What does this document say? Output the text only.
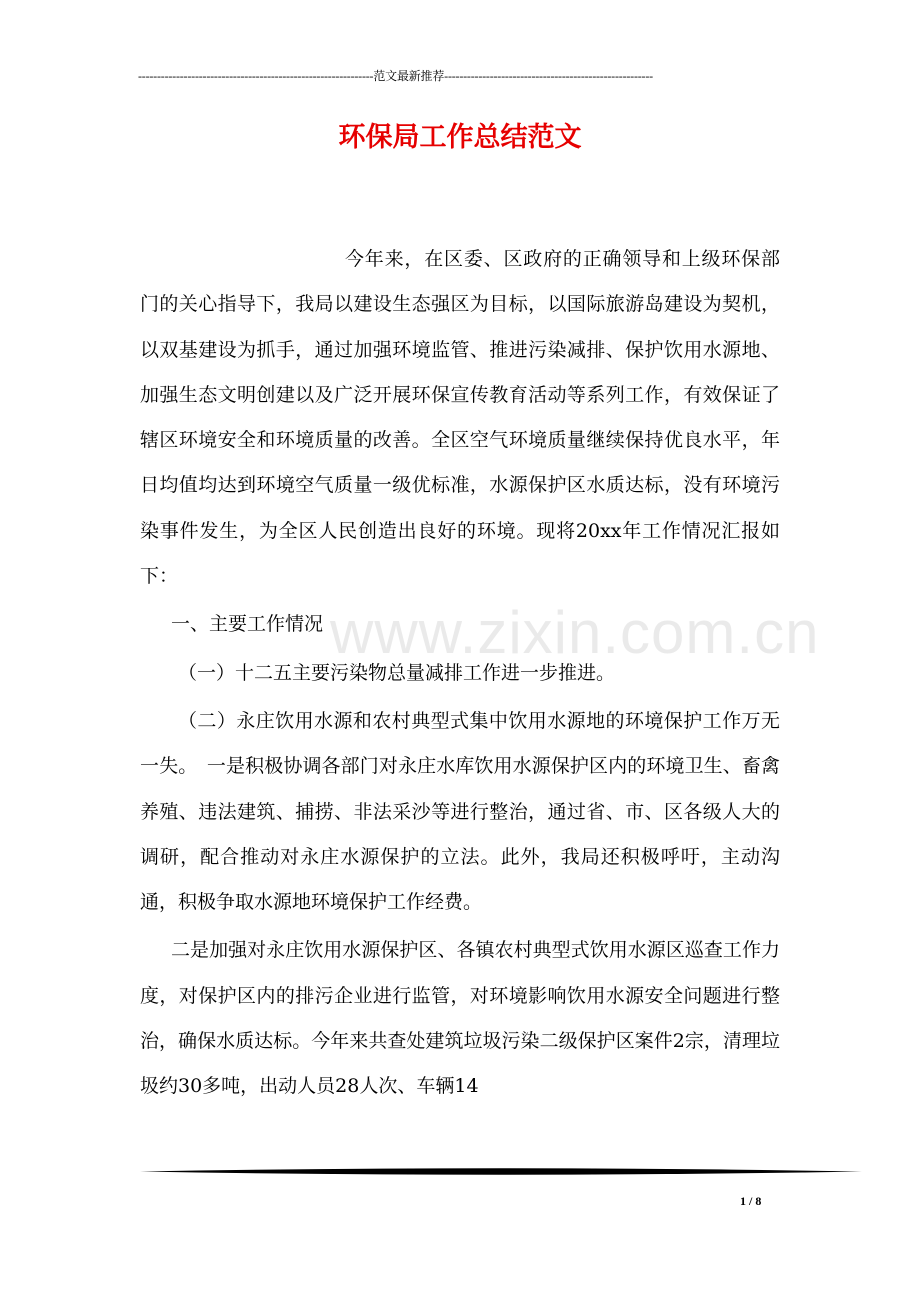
--------------------------------------------------------------范文最新推荐-------------------------------------------------------
环保局工作总结范文
www.zixin.com.cn

今年来，在区委、区政府的正确领导和上级环保部门的关心指导下，我局以建设生态强区为目标，以国际旅游岛建设为契机，以双基建设为抓手，通过加强环境监管、推进污染减排、保护饮用水源地、加强生态文明创建以及广泛开展环保宣传教育活动等系列工作，有效保证了辖区环境安全和环境质量的改善。全区空气环境质量继续保持优良水平，年日均值均达到环境空气质量一级优标准，水源保护区水质达标，没有环境污染事件发生，为全区人民创造出良好的环境。现将20xx年工作情况汇报如下：

一、主要工作情况

（一）十二五主要污染物总量减排工作进一步推进。

（二）永庄饮用水源和农村典型式集中饮用水源地的环境保护工作万无一失。　一是积极协调各部门对永庄水库饮用水源保护区内的环境卫生、畜禽养殖、违法建筑、捕捞、非法采沙等进行整治，通过省、市、区各级人大的调研，配合推动对永庄水源保护的立法。此外，我局还积极呼吁，主动沟通，积极争取水源地环境保护工作经费。

二是加强对永庄饮用水源保护区、各镇农村典型式饮用水源区巡查工作力度，对保护区内的排污企业进行监管，对环境影响饮用水源安全问题进行整治，确保水质达标。今年来共查处建筑垃圾污染二级保护区案件2宗，清理垃圾约30多吨，出动人员28人次、车辆14

1 / 8
